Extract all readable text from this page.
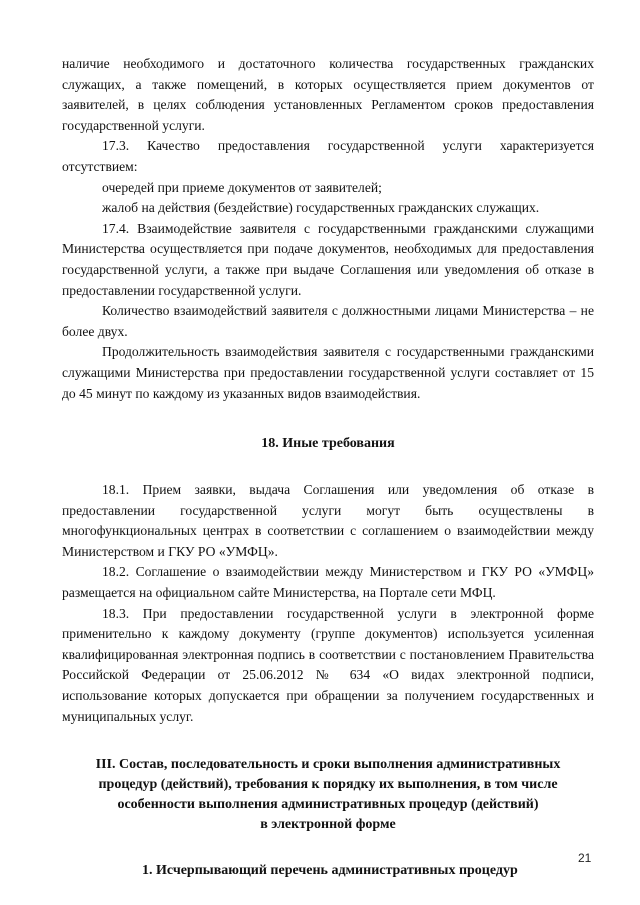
наличие необходимого и достаточного количества государственных гражданских служащих, а также помещений, в которых осуществляется прием документов от заявителей, в целях соблюдения установленных Регламентом сроков предоставления государственной услуги.

17.3. Качество предоставления государственной услуги характеризуется отсутствием:

очередей при приеме документов от заявителей;

жалоб на действия (бездействие) государственных гражданских служащих.

17.4. Взаимодействие заявителя с государственными гражданскими служащими Министерства осуществляется при подаче документов, необходимых для предоставления государственной услуги, а также при выдаче Соглашения или уведомления об отказе в предоставлении государственной услуги.

Количество взаимодействий заявителя с должностными лицами Министерства – не более двух.

Продолжительность взаимодействия заявителя с государственными гражданскими служащими Министерства при предоставлении государственной услуги составляет от 15 до 45 минут по каждому из указанных видов взаимодействия.

18. Иные требования

18.1. Прием заявки, выдача Соглашения или уведомления об отказе в предоставлении государственной услуги могут быть осуществлены в многофункциональных центрах в соответствии с соглашением о взаимодействии между Министерством и ГКУ РО «УМФЦ».

18.2. Соглашение о взаимодействии между Министерством и ГКУ РО «УМФЦ» размещается на официальном сайте Министерства, на Портале сети МФЦ.

18.3. При предоставлении государственной услуги в электронной форме применительно к каждому документу (группе документов) используется усиленная квалифицированная электронная подпись в соответствии с постановлением Правительства Российской Федерации от 25.06.2012 № 634 «О видах электронной подписи, использование которых допускается при обращении за получением государственных и муниципальных услуг.

III. Состав, последовательность и сроки выполнения административных
процедур (действий), требования к порядку их выполнения, в том числе
особенности выполнения административных процедур (действий)
в электронной форме
1. Исчерпывающий перечень административных процедур
21
